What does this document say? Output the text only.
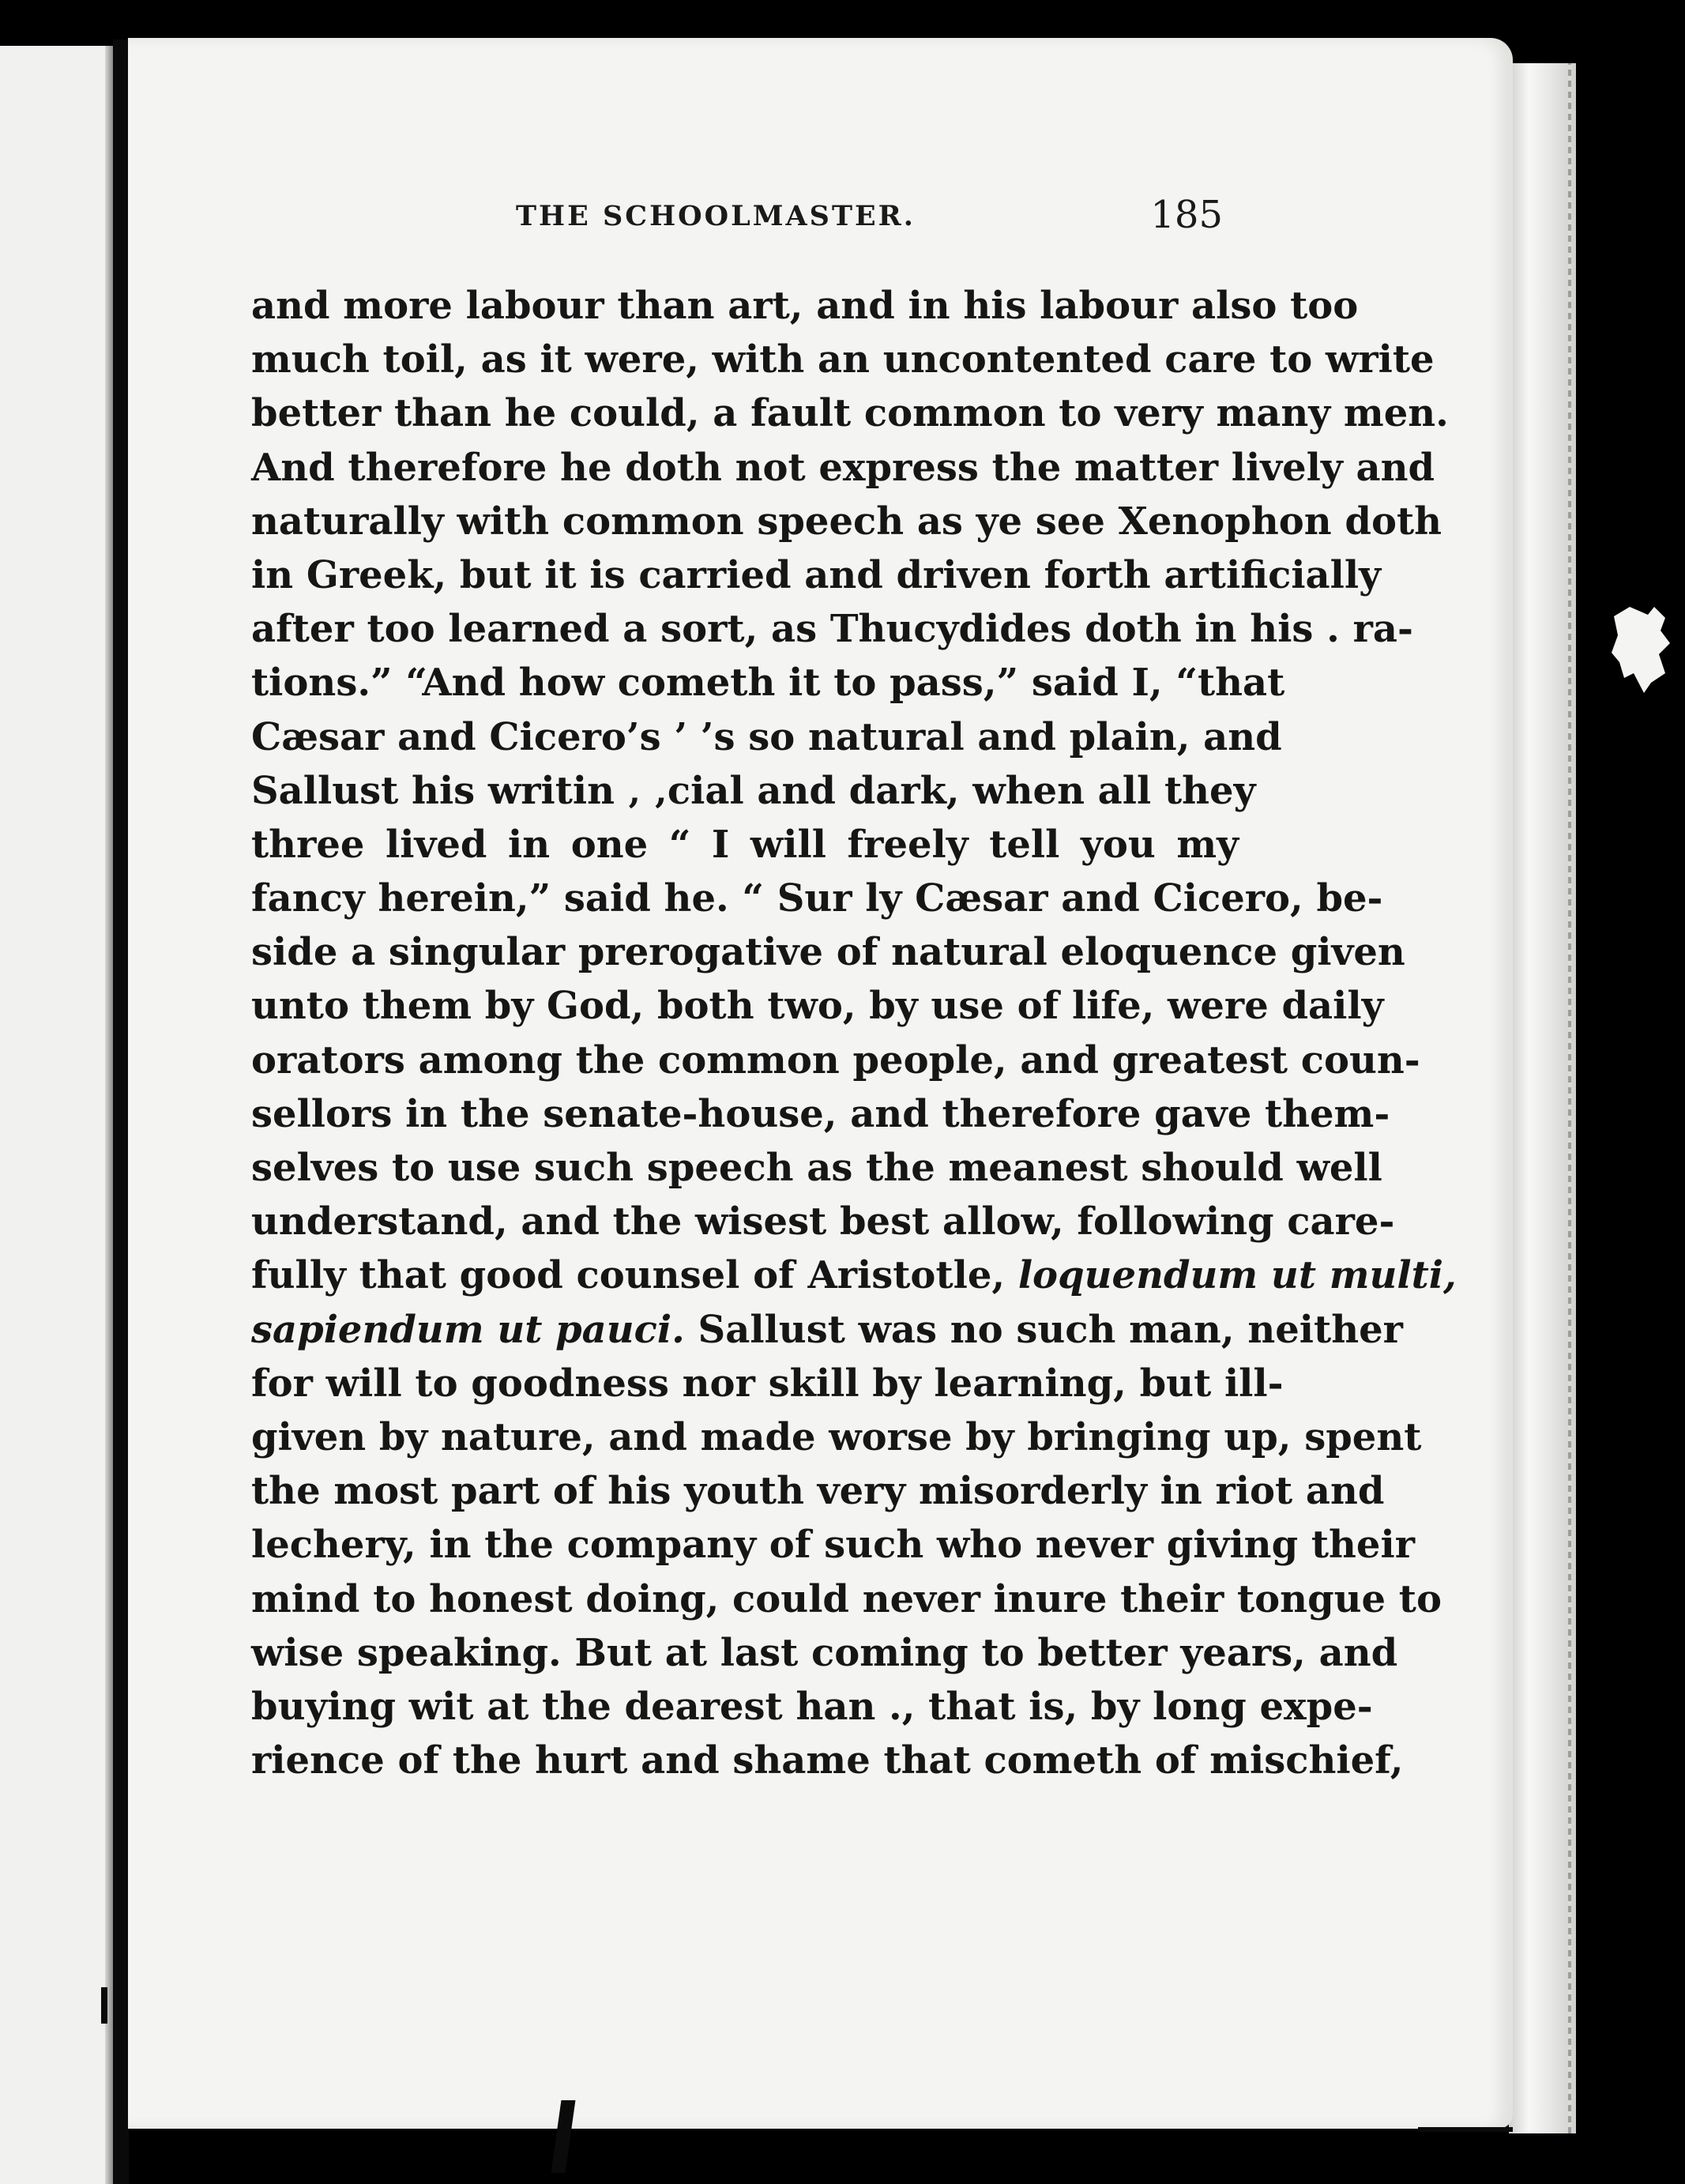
THE SCHOOLMASTER.	185
and more labour than art, and in his labour also too
much toil, as it were, with an uncontented care to write
better than he could, a fault common to very many men.
And therefore he doth not express the matter lively and
naturally with common speech as ye see Xenophon doth
in Greek, but it is carried and driven forth artificially
after too learned a sort, as Thucydides doth in his . ra-
tions.” “And how cometh it to pass,” said I, “that
Cæsar and Cicero’s ’ ’s so natural and plain, and
Sallust his writin ‚ ‚cial and dark, when all they
three lived in one “ I will freely tell you my
fancy herein,” said he. “ Sur ly Cæsar and Cicero, be-
side a singular prerogative of natural eloquence given
unto them by God, both two, by use of life, were daily
orators among the common people, and greatest coun-
sellors in the senate-house, and therefore gave them-
selves to use such speech as the meanest should well
understand, and the wisest best allow, following care-
fully that good counsel of Aristotle, loquendum ut multi,
sapiendum ut pauci. Sallust was no such man, neither
for will to goodness nor skill by learning, but ill-
given by nature, and made worse by bringing up, spent
the most part of his youth very misorderly in riot and
lechery, in the company of such who never giving their
mind to honest doing, could never inure their tongue to
wise speaking. But at last coming to better years, and
buying wit at the dearest han ., that is, by long expe-
rience of the hurt and shame that cometh of mischief,
